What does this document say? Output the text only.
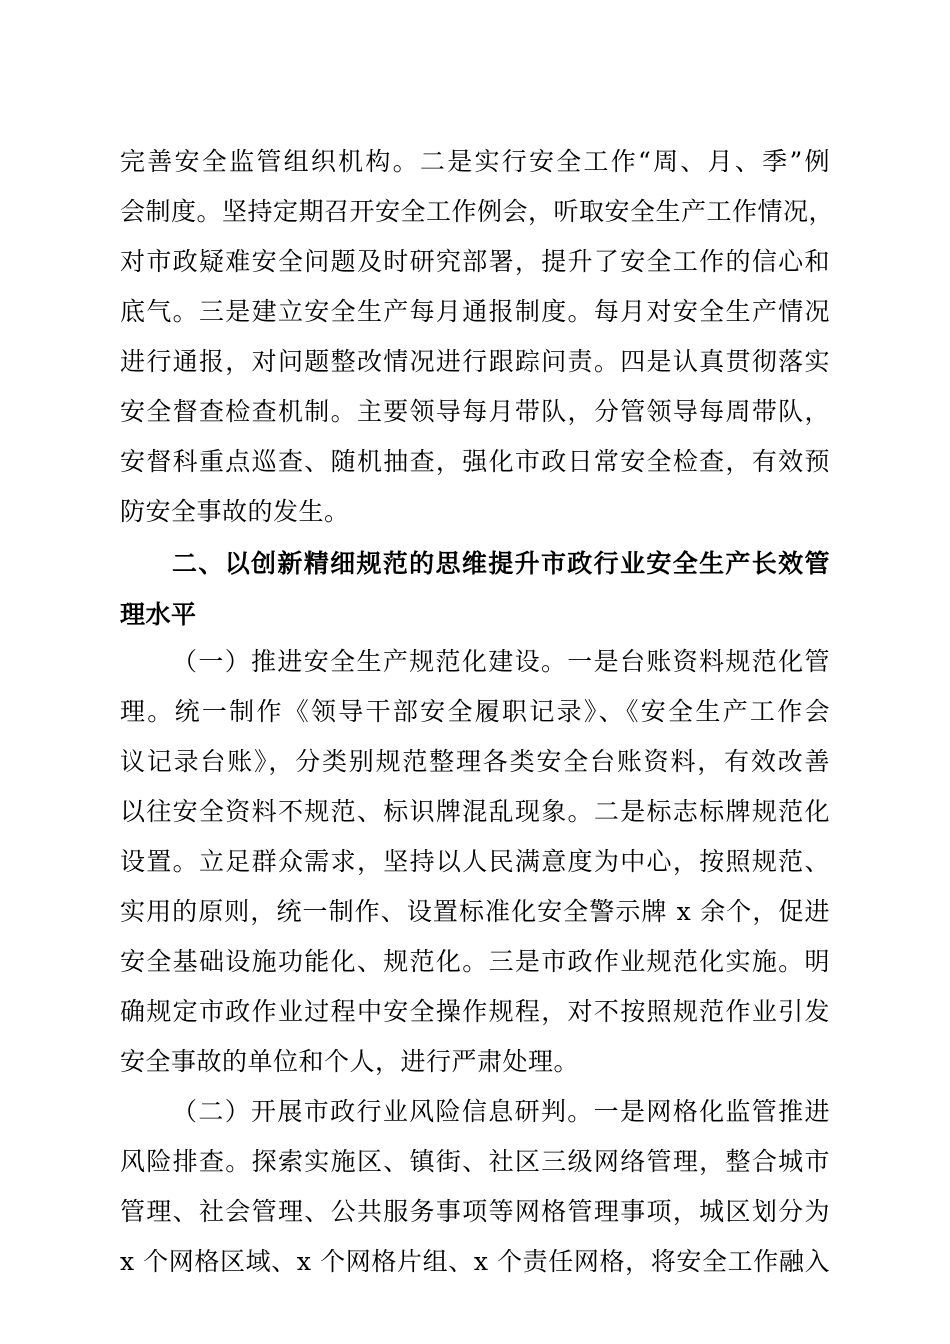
完善安全监管组织机构。二是实行安全工作“周、月、季”例
会制度。坚持定期召开安全工作例会，听取安全生产工作情况，
对市政疑难安全问题及时研究部署，提升了安全工作的信心和
底气。三是建立安全生产每月通报制度。每月对安全生产情况
进行通报，对问题整改情况进行跟踪问责。四是认真贯彻落实
安全督查检查机制。主要领导每月带队，分管领导每周带队，
安督科重点巡查、随机抽查，强化市政日常安全检查，有效预
防安全事故的发生。
二、以创新精细规范的思维提升市政行业安全生产长效管
理水平
（一）推进安全生产规范化建设。一是台账资料规范化管
理。统一制作《领导干部安全履职记录》、《安全生产工作会
议记录台账》，分类别规范整理各类安全台账资料，有效改善
以往安全资料不规范、标识牌混乱现象。二是标志标牌规范化
设置。立足群众需求，坚持以人民满意度为中心，按照规范、
实用的原则，统一制作、设置标准化安全警示牌 x 余个，促进
安全基础设施功能化、规范化。三是市政作业规范化实施。明
确规定市政作业过程中安全操作规程，对不按照规范作业引发
安全事故的单位和个人，进行严肃处理。
（二）开展市政行业风险信息研判。一是网格化监管推进
风险排查。探索实施区、镇街、社区三级网络管理，整合城市
管理、社会管理、公共服务事项等网格管理事项，城区划分为
x 个网格区域、x 个网格片组、x 个责任网格，将安全工作融入
